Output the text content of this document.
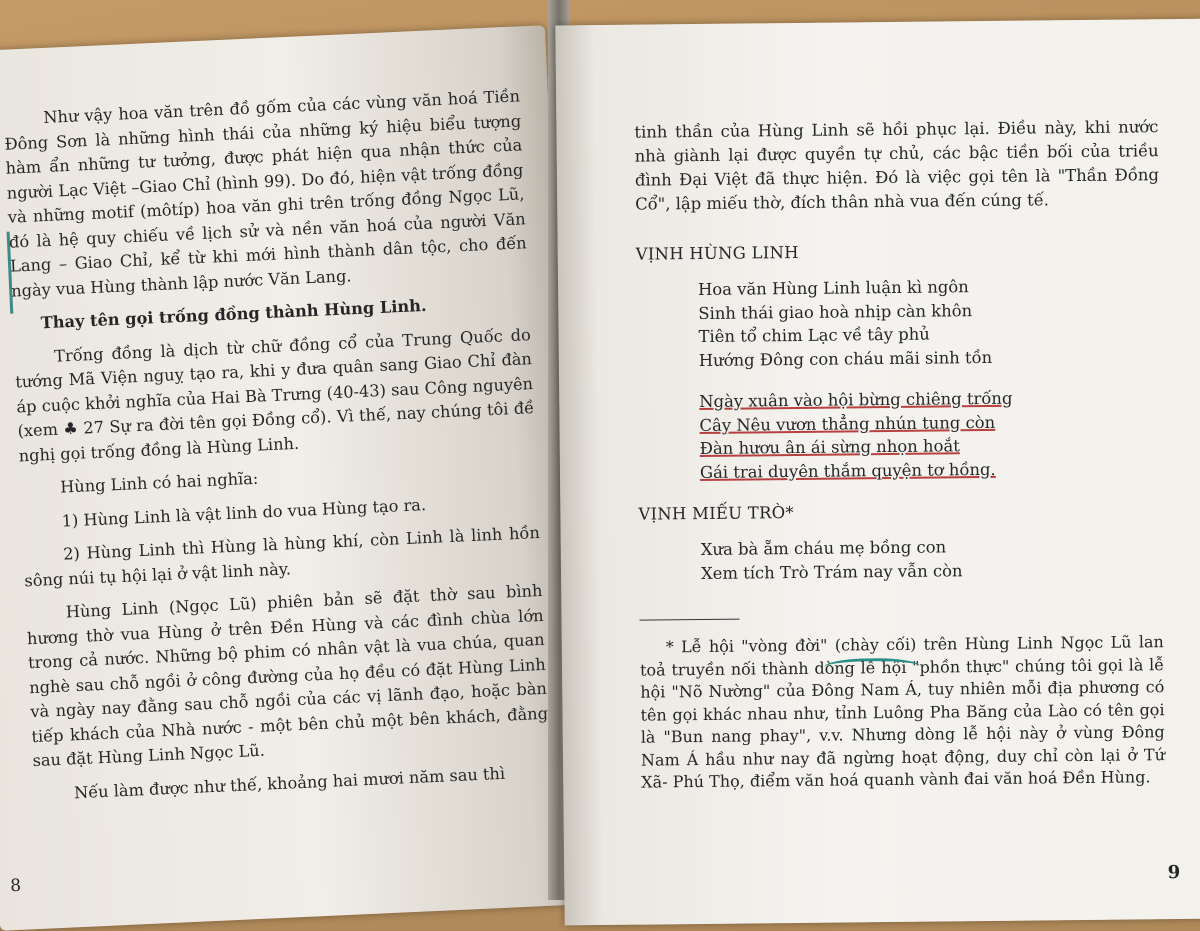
Như vậy hoa văn trên đồ gốm của các vùng văn hoá Tiền Đông Sơn là những hình thái của những ký hiệu biểu tượng hàm ẩn những tư tưởng, được phát hiện qua nhận thức của người Lạc Việt –Giao Chỉ (hình 99). Do đó, hiện vật trống đồng và những motif (môtíp) hoa văn ghi trên trống đồng Ngọc Lũ, đó là hệ quy chiếu về lịch sử và nền văn hoá của người Văn Lang – Giao Chỉ, kể từ khi mới hình thành dân tộc, cho đến ngày vua Hùng thành lập nước Văn Lang.

Thay tên gọi trống đồng thành Hùng Linh.

Trống đồng là dịch từ chữ đồng cổ của Trung Quốc do tướng Mã Viện nguỵ tạo ra, khi y đưa quân sang Giao Chỉ đàn áp cuộc khởi nghĩa của Hai Bà Trưng (40-43) sau Công nguyên (xem ♣ 27 Sự ra đời tên gọi Đồng cổ). Vì thế, nay chúng tôi đề nghị gọi trống đồng là Hùng Linh.

Hùng Linh có hai nghĩa:

1) Hùng Linh là vật linh do vua Hùng tạo ra.

2) Hùng Linh thì Hùng là hùng khí, còn Linh là linh hồn sông núi tụ hội lại ở vật linh này.

Hùng Linh (Ngọc Lũ) phiên bản sẽ đặt thờ sau bình hương thờ vua Hùng ở trên Đền Hùng và các đình chùa lớn trong cả nước. Những bộ phim có nhân vật là vua chúa, quan nghè sau chỗ ngồi ở công đường của họ đều có đặt Hùng Linh và ngày nay đằng sau chỗ ngồi của các vị lãnh đạo, hoặc bàn tiếp khách của Nhà nước - một bên chủ một bên khách, đằng sau đặt Hùng Linh Ngọc Lũ.

Nếu làm được như thế, khoảng hai mươi năm sau thì

8

tinh thần của Hùng Linh sẽ hồi phục lại. Điều này, khi nước nhà giành lại được quyền tự chủ, các bậc tiền bối của triều đình Đại Việt đã thực hiện. Đó là việc gọi tên là "Thần Đồng Cổ", lập miếu thờ, đích thân nhà vua đến cúng tế.

VỊNH HÙNG LINH

Hoa văn Hùng Linh luận kì ngôn

Sinh thái giao hoà nhịp càn khôn

Tiên tổ chim Lạc về tây phủ

Hướng Đông con cháu mãi sinh tồn

Ngày xuân vào hội bừng chiêng trống

Cây Nêu vươn thẳng nhún tung còn

Đàn hươu ân ái sừng nhọn hoắt

Gái trai duyên thắm quyện tơ hồng.

VỊNH MIẾU TRÒ*

Xưa bà ẵm cháu mẹ bồng con

Xem tích Trò Trám nay vẫn còn

* Lễ hội "vòng đời" (chày cối) trên Hùng Linh Ngọc Lũ lan toả truyền nối thành dòng lễ hội "phồn thực" chúng tôi gọi là lễ hội "Nõ Nường" của Đông Nam Á, tuy nhiên mỗi địa phương có tên gọi khác nhau như, tỉnh Luông Pha Băng của Lào có tên gọi là "Bun nang phay", v.v. Nhưng dòng lễ hội này ở vùng Đông Nam Á hầu như nay đã ngừng hoạt động, duy chỉ còn lại ở Tứ Xã- Phú Thọ, điểm văn hoá quanh vành đai văn hoá Đền Hùng.

9
